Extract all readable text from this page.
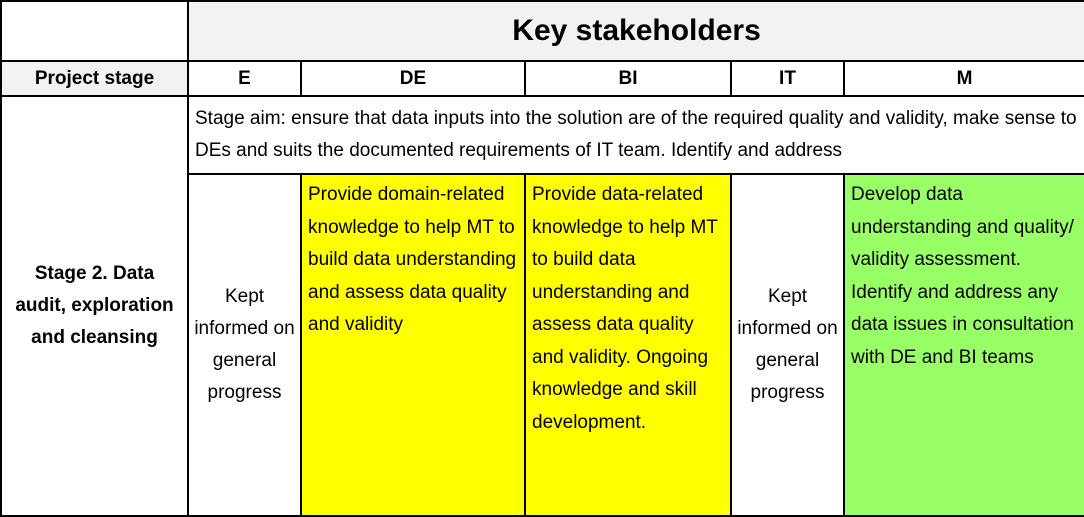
	Key stakeholders				
Project stage	E	DE	BI	IT	M
Stage 2. Data audit, exploration and cleansing	Stage aim: ensure that data inputs into the solution are of the required quality and validity, make sense to DEs and suits the documented requirements of IT team. Identify and address				
	Kept informed on general progress	Provide domain-related knowledge to help MT to build data understanding and assess data quality and validity	Provide data-related knowledge to help MT to build data understanding and assess data quality and validity. Ongoing knowledge and skill development.	Kept informed on general progress	Develop data understanding and quality/ validity assessment. Identify and address any data issues in consultation with DE and BI teams
